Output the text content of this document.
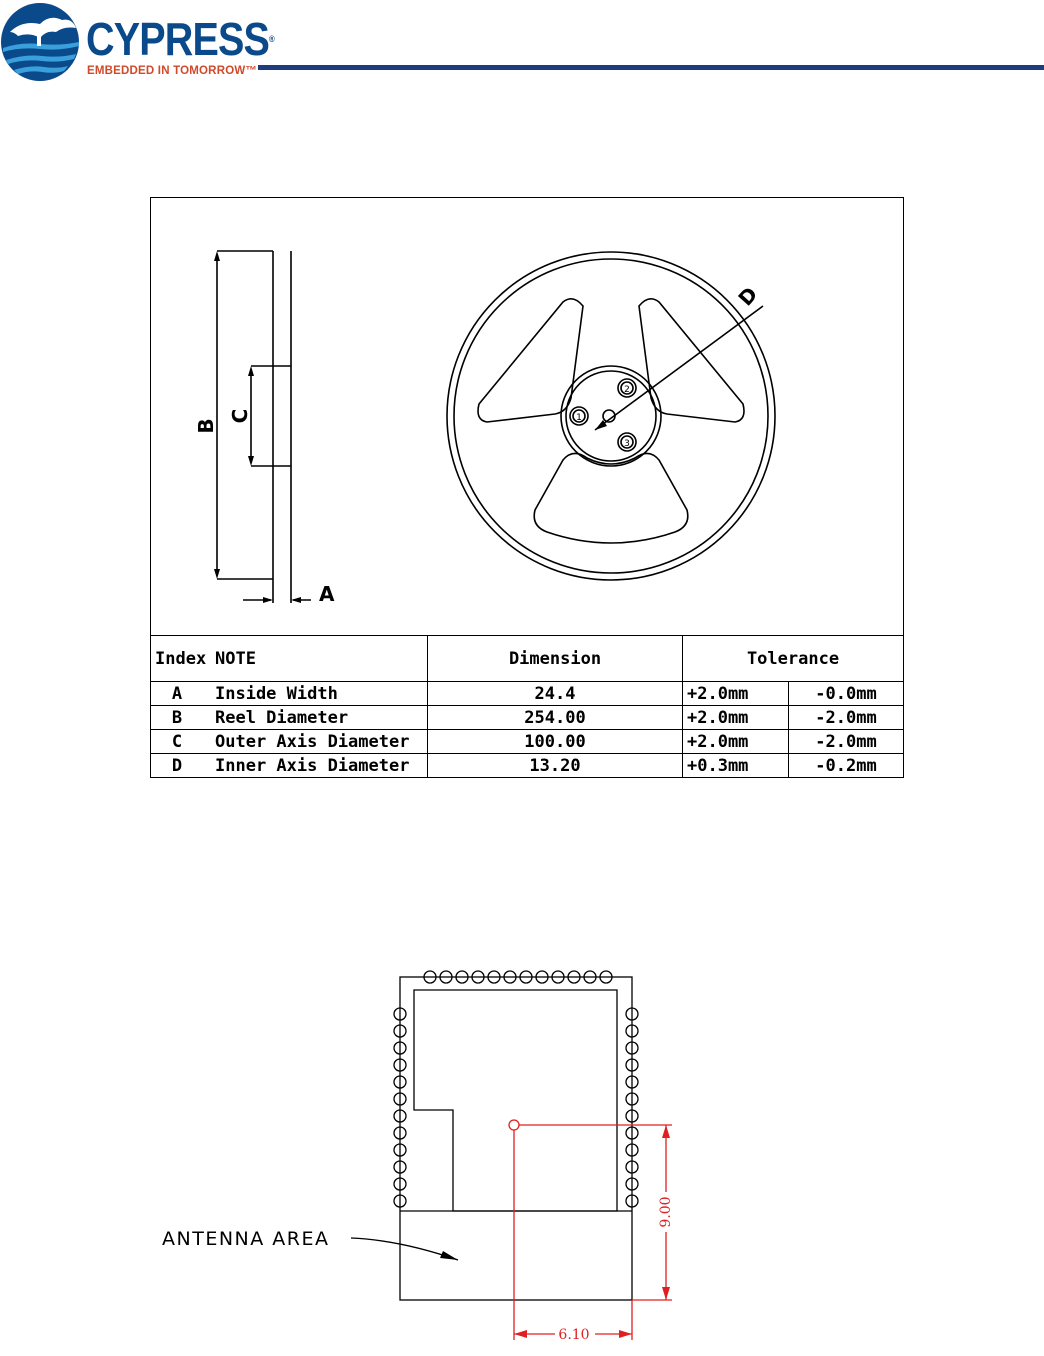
CYPRESS®
EMBEDDED IN TOMORROW™
B
C
A
D
1
2
3
Index	NOTE	Dimension	Tolerance	
A	Inside Width	24.4	+2.0mm	-0.0mm
B	Reel Diameter	254.00	+2.0mm	-2.0mm
C	Outer Axis Diameter	100.00	+2.0mm	-2.0mm
D	Inner Axis Diameter	13.20	+0.3mm	-0.2mm
ANTENNA AREA
9.00
6.10
